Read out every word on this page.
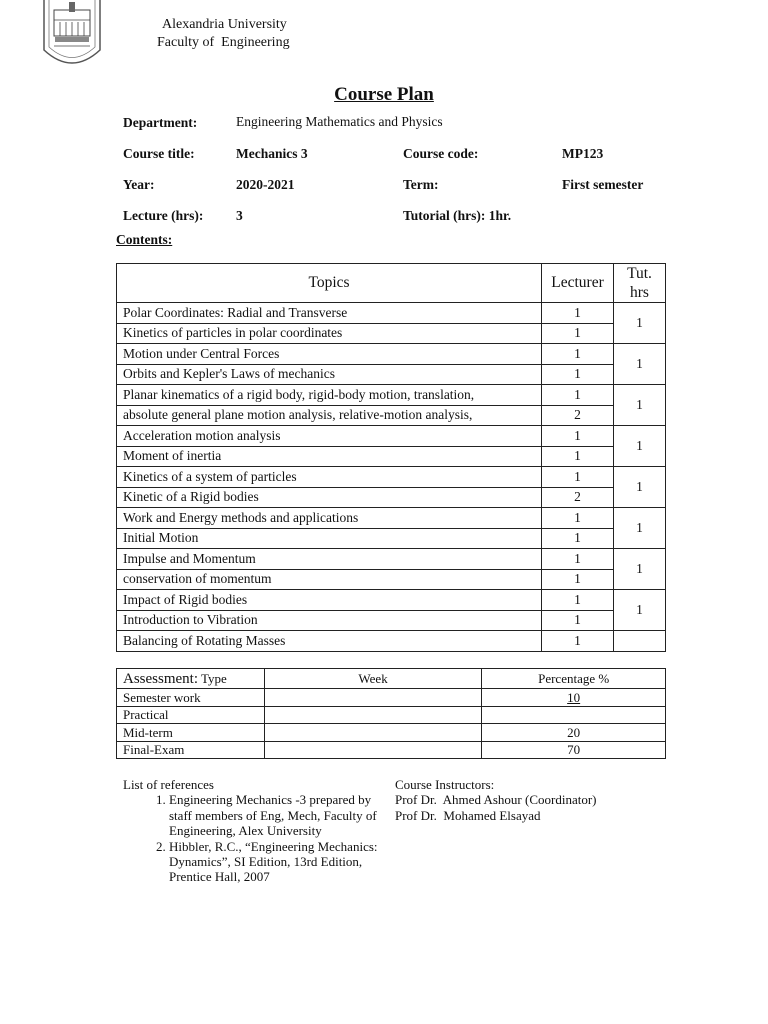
Alexandria University
Faculty of  Engineering
Course Plan
Department:	Engineering Mathematics and Physics
Course title:	Mechanics 3	Course code:	MP123
Year:	2020-2021	Term:	First semester
Lecture (hrs): 3	Tutorial (hrs): 1hr.
Contents:
Topics	Lecturer	Tut. hrs
Polar Coordinates: Radial and Transverse	1	1
Kinetics of particles in polar coordinates	1	
Motion under Central Forces	1	1
Orbits and Kepler's Laws of mechanics	1	
Planar kinematics of a rigid body, rigid-body motion, translation,	1	1
absolute general plane motion analysis, relative-motion analysis,	2	
Acceleration motion analysis	1	1
Moment of inertia	1	
Kinetics of a system of particles	1	1
Kinetic of a Rigid bodies	2	
Work and Energy methods and applications	1	1
Initial Motion	1	
Impulse and Momentum	1	1
conservation of momentum	1	
Impact of Rigid bodies	1	1
Introduction to Vibration	1	
Balancing of Rotating Masses	1	
Assessment: Type	Week	Percentage %
Semester work		10
Practical		
Mid-term		20
Final-Exam		70
List of references
1. Engineering Mechanics -3 prepared by staff members of Eng, Mech, Faculty of Engineering, Alex University
2. Hibbler, R.C., “Engineering Mechanics: Dynamics”, SI Edition, 13rd Edition, Prentice Hall, 2007
Course Instructors:
Prof Dr.  Ahmed Ashour (Coordinator)
Prof Dr.  Mohamed Elsayad
